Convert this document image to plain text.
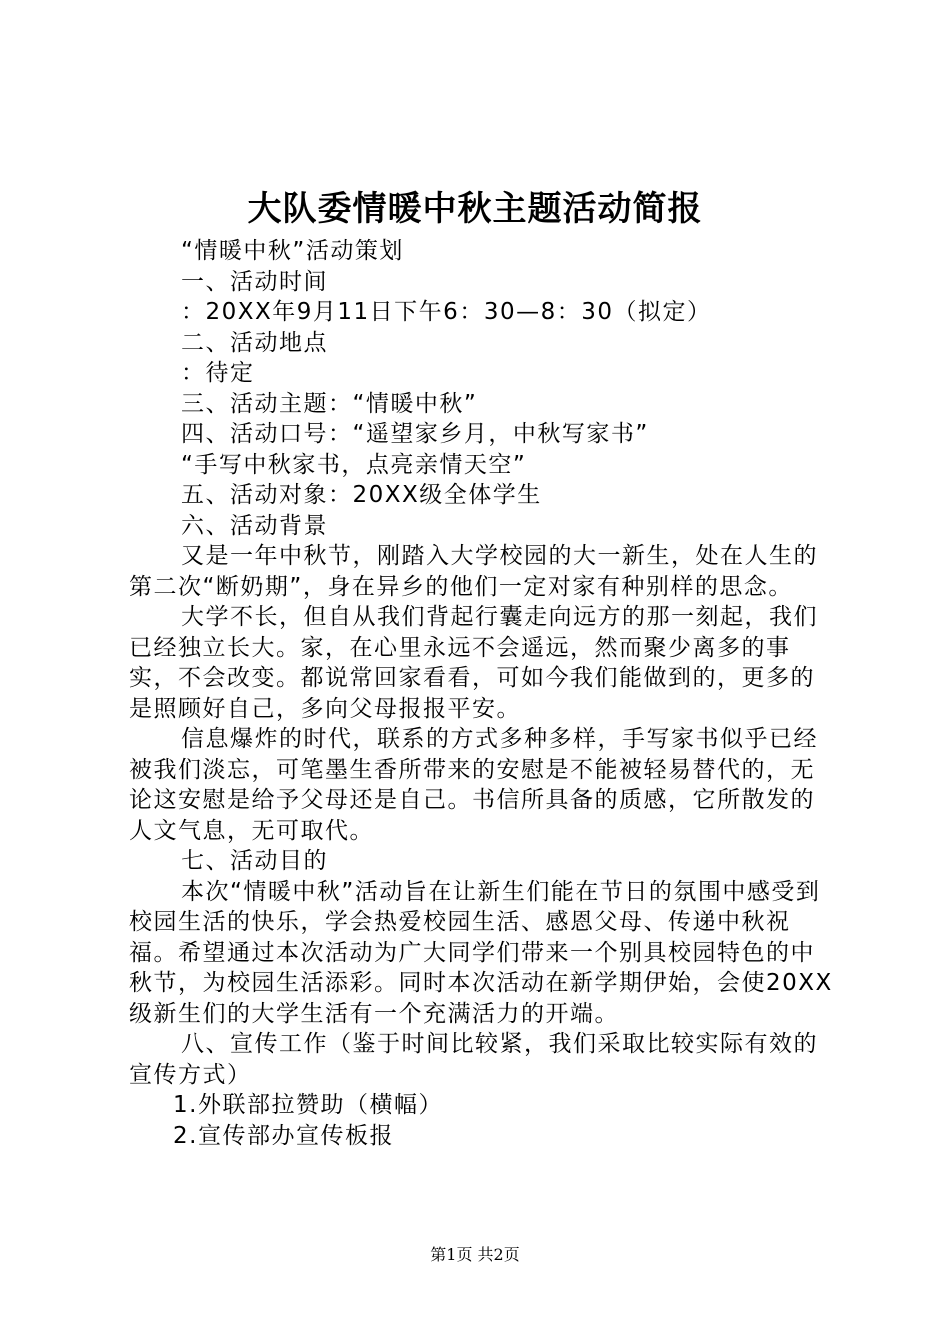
大队委情暖中秋主题活动简报

“情暖中秋”活动策划

一、活动时间

：20XX年9月11日下午6：30—8：30（拟定）

二、活动地点

：待定

三、活动主题：“情暖中秋”

四、活动口号：“遥望家乡月，中秋写家书”

“手写中秋家书，点亮亲情天空”

五、活动对象：20XX级全体学生

六、活动背景

又是一年中秋节，刚踏入大学校园的大一新生，处在人生的第二次“断奶期”，身在异乡的他们一定对家有种别样的思念。

大学不长，但自从我们背起行囊走向远方的那一刻起，我们已经独立长大。家，在心里永远不会遥远，然而聚少离多的事实，不会改变。都说常回家看看，可如今我们能做到的，更多的是照顾好自己，多向父母报报平安。

信息爆炸的时代，联系的方式多种多样，手写家书似乎已经被我们淡忘，可笔墨生香所带来的安慰是不能被轻易替代的，无论这安慰是给予父母还是自己。书信所具备的质感，它所散发的人文气息，无可取代。

七、活动目的

本次“情暖中秋”活动旨在让新生们能在节日的氛围中感受到校园生活的快乐，学会热爱校园生活、感恩父母、传递中秋祝福。希望通过本次活动为广大同学们带来一个别具校园特色的中秋节，为校园生活添彩。同时本次活动在新学期伊始，会使20XX级新生们的大学生活有一个充满活力的开端。

八、宣传工作（鉴于时间比较紧，我们采取比较实际有效的宣传方式）

1.外联部拉赞助（横幅）

2.宣传部办宣传板报

第1页 共2页
